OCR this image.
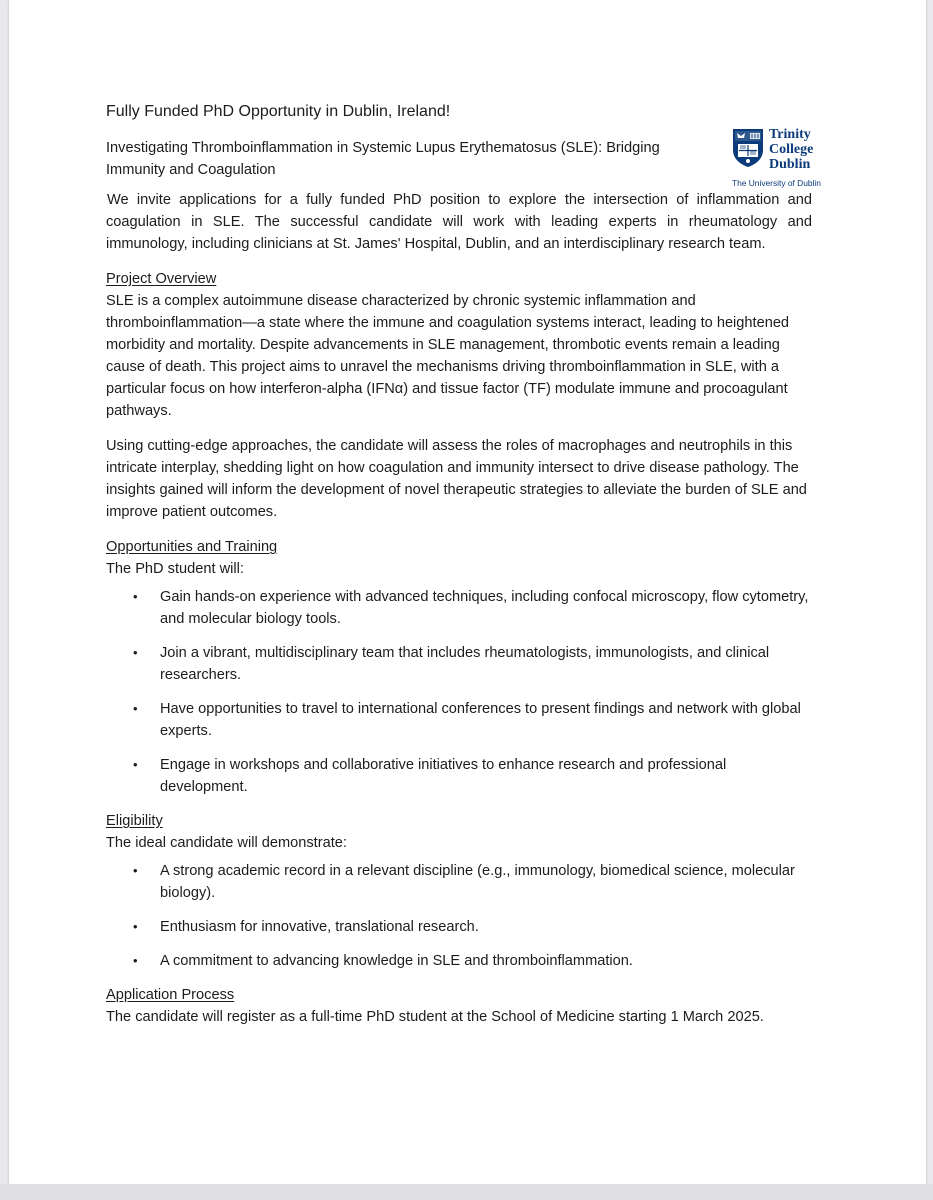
Trinity
College
Dublin
The University of Dublin
Fully Funded PhD Opportunity in Dublin, Ireland!
Investigating Thromboinflammation in Systemic Lupus Erythematosus (SLE): Bridging Immunity and Coagulation

We invite applications for a fully funded PhD position to explore the intersection of inflammation and coagulation in SLE. The successful candidate will work with leading experts in rheumatology and immunology, including clinicians at St. James' Hospital, Dublin, and an interdisciplinary research team.

Project Overview

SLE is a complex autoimmune disease characterized by chronic systemic inflammation and thromboinflammation—a state where the immune and coagulation systems interact, leading to heightened morbidity and mortality. Despite advancements in SLE management, thrombotic events remain a leading cause of death. This project aims to unravel the mechanisms driving thromboinflammation in SLE, with a particular focus on how interferon-alpha (IFNα) and tissue factor (TF) modulate immune and procoagulant pathways.

Using cutting-edge approaches, the candidate will assess the roles of macrophages and neutrophils in this intricate interplay, shedding light on how coagulation and immunity intersect to drive disease pathology. The insights gained will inform the development of novel therapeutic strategies to alleviate the burden of SLE and improve patient outcomes.

Opportunities and Training

The PhD student will:

• Gain hands-on experience with advanced techniques, including confocal microscopy, flow cytometry, and molecular biology tools.
• Join a vibrant, multidisciplinary team that includes rheumatologists, immunologists, and clinical researchers.
• Have opportunities to travel to international conferences to present findings and network with global experts.
• Engage in workshops and collaborative initiatives to enhance research and professional development.
Eligibility

The ideal candidate will demonstrate:

• A strong academic record in a relevant discipline (e.g., immunology, biomedical science, molecular biology).
• Enthusiasm for innovative, translational research.
• A commitment to advancing knowledge in SLE and thromboinflammation.
Application Process

The candidate will register as a full-time PhD student at the School of Medicine starting 1 March 2025.
